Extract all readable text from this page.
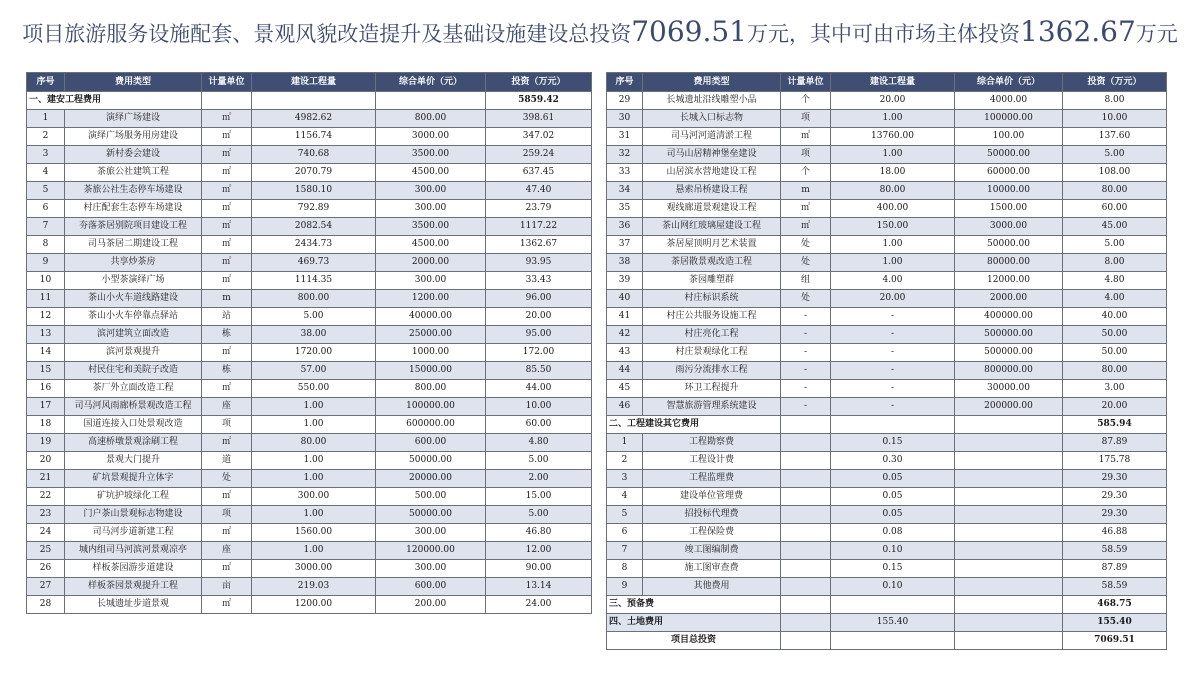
项目旅游服务设施配套、景观风貌改造提升及基础设施建设总投资7069.51万元，其中可由市场主体投资1362.67万元
序号	费用类型	计量单位	建设工程量	综合单价（元）	投资（万元）
一、建安工程费用					5859.42
1	演绎广场建设	㎡	4982.62	800.00	398.61
2	演绎广场服务用房建设	㎡	1156.74	3000.00	347.02
3	新村委会建设	㎡	740.68	3500.00	259.24
4	茶旅公社建筑工程	㎡	2070.79	4500.00	637.45
5	茶旅公社生态停车场建设	㎡	1580.10	300.00	47.40
6	村庄配套生态停车场建设	㎡	792.89	300.00	23.79
7	夯落茶居别院项目建设工程	㎡	2082.54	3500.00	1117.22
8	司马茶居二期建设工程	㎡	2434.73	4500.00	1362.67
9	共享炒茶房	㎡	469.73	2000.00	93.95
10	小型茶演绎广场	㎡	1114.35	300.00	33.43
11	茶山小火车道线路建设	m	800.00	1200.00	96.00
12	茶山小火车停靠点驿站	站	5.00	40000.00	20.00
13	滨河建筑立面改造	栋	38.00	25000.00	95.00
14	滨河景观提升	㎡	1720.00	1000.00	172.00
15	村民住宅和美院子改造	栋	57.00	15000.00	85.50
16	茶厂外立面改造工程	㎡	550.00	800.00	44.00
17	司马河风雨廊桥景观改造工程	座	1.00	100000.00	10.00
18	国道连接入口处景观改造	项	1.00	600000.00	60.00
19	高速桥墩景观涂刷工程	㎡	80.00	600.00	4.80
20	景观大门提升	道	1.00	50000.00	5.00
21	矿坑景观提升立体字	处	1.00	20000.00	2.00
22	矿坑护坡绿化工程	㎡	300.00	500.00	15.00
23	门户茶山景观标志物建设	项	1.00	50000.00	5.00
24	司马河步道新建工程	㎡	1560.00	300.00	46.80
25	城内组司马河滨河景观凉亭	座	1.00	120000.00	12.00
26	样板茶园游步道建设	㎡	3000.00	300.00	90.00
27	样板茶园景观提升工程	亩	219.03	600.00	13.14
28	长城遗址步道景观	㎡	1200.00	200.00	24.00
序号	费用类型	计量单位	建设工程量	综合单价（元）	投资（万元）
29	长城遗址沿线雕塑小品	个	20.00	4000.00	8.00
30	长城入口标志物	项	1.00	100000.00	10.00
31	司马河河道清淤工程	㎡	13760.00	100.00	137.60
32	司马山居精神堡垒建设	项	1.00	50000.00	5.00
33	山居滨水营地建设工程	个	18.00	60000.00	108.00
34	悬索吊桥建设工程	m	80.00	10000.00	80.00
35	观线廊道景观建设工程	㎡	400.00	1500.00	60.00
36	茶山网红玻璃屋建设工程	㎡	150.00	3000.00	45.00
37	茶居屋顶明月艺术装置	处	1.00	50000.00	5.00
38	茶居散景观改造工程	处	1.00	80000.00	8.00
39	茶园雕塑群	组	4.00	12000.00	4.80
40	村庄标识系统	处	20.00	2000.00	4.00
41	村庄公共服务设施工程	-	-	400000.00	40.00
42	村庄亮化工程	-	-	500000.00	50.00
43	村庄景观绿化工程	-	-	500000.00	50.00
44	雨污分流排水工程	-	-	800000.00	80.00
45	环卫工程提升	-	-	30000.00	3.00
46	智慧旅游管理系统建设	-	-	200000.00	20.00
二、工程建设其它费用					585.94
1	工程勘察费		0.15		87.89
2	工程设计费		0.30		175.78
3	工程监理费		0.05		29.30
4	建设单位管理费		0.05		29.30
5	招投标代理费		0.05		29.30
6	工程保险费		0.08		46.88
7	竣工图编制费		0.10		58.59
8	施工图审查费		0.15		87.89
9	其他费用		0.10		58.59
三、预备费					468.75
四、土地费用			155.40		155.40
项目总投资					7069.51
